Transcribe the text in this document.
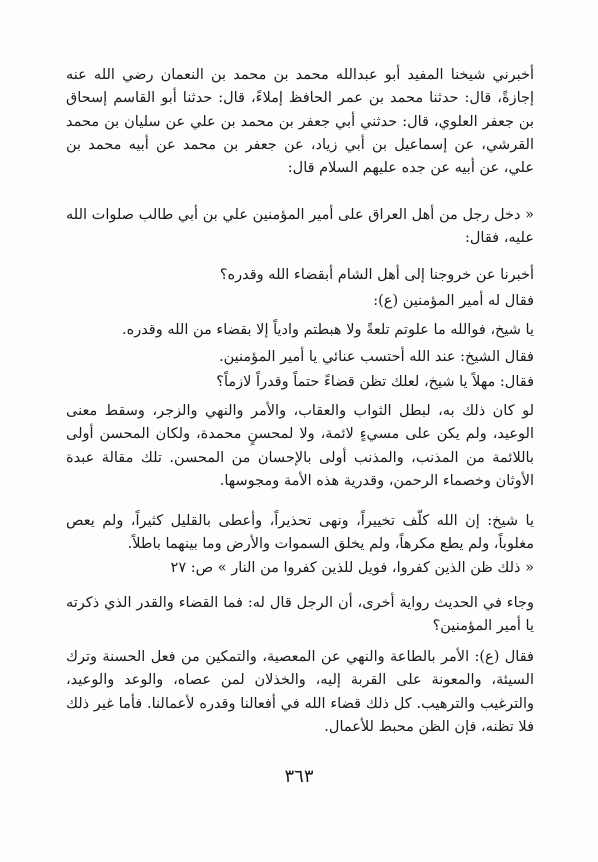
أخبرني شيخنا المفيد أبو عبدالله محمد بن محمد بن النعمان رضي الله عنه إجازةً، قال: حدثنا محمد بن عمر الحافظ إملاءً، قال: حدثنا أبو القاسم إسحاق بن جعفر العلوي، قال: حدثني أبي جعفر بن محمد بن علي عن سليان بن محمد القرشي، عن إسماعيل بن أبي زياد، عن جعفر بن محمد عن أبيه محمد بن علي، عن أبيه عن جده عليهم السلام قال:

« دخل رجل من أهل العراق على أمير المؤمنين علي بن أبي طالب صلوات الله عليه، فقال:

أخبرنا عن خروجنا إلى أهل الشام أبقضاء الله وقدره؟

فقال له أمير المؤمنين (ع):

يا شيخ، فوالله ما علوتم تلعةً ولا هبطتم وادياً إلا بقضاء من الله وقدره.

فقال الشيخ: عند الله أحتسب عنائي يا أمير المؤمنين.

فقال: مهلاً يا شيخ، لعلك تظن قضاءً حتماً وقدراً لازماً؟

لو كان ذلك به، لبطل الثواب والعقاب، والأمر والنهي والزجر، وسقط معنى الوعيد، ولم يكن على مسيءٍ لائمة، ولا لمحسنٍ محمدة، ولكان المحسن أولى باللائمة من المذنب، والمذنب أولى بالإحسان من المحسن. تلك مقالة عبدة الأوثان وخصماء الرحمن، وقدرية هذه الأمة ومجوسها.

يا شيخ: إن الله كلّف تخييراً، ونهى تحذيراً، وأعطى بالقليل كثيراً، ولم يعص مغلوباً، ولم يطع مكرهاً، ولم يخلق السموات والأرض وما بينهما باطلاً.

« ذلك ظن الذين كفروا، فويل للذين كفروا من النار » ص: ٢٧

وجاء في الحديث رواية أخرى، أن الرجل قال له: فما القضاء والقدر الذي ذكرته يا أمير المؤمنين؟

فقال (ع): الأمر بالطاعة والنهي عن المعصية، والتمكين من فعل الحسنة وترك السيئة، والمعونة على القربة إليه، والخذلان لمن عصاه، والوعد والوعيد، والترغيب والترهيب. كل ذلك قضاء الله في أفعالنا وقدره لأعمالنا. فأما غير ذلك فلا تظنه، فإن الظن محبط للأعمال.

٣٦٣
